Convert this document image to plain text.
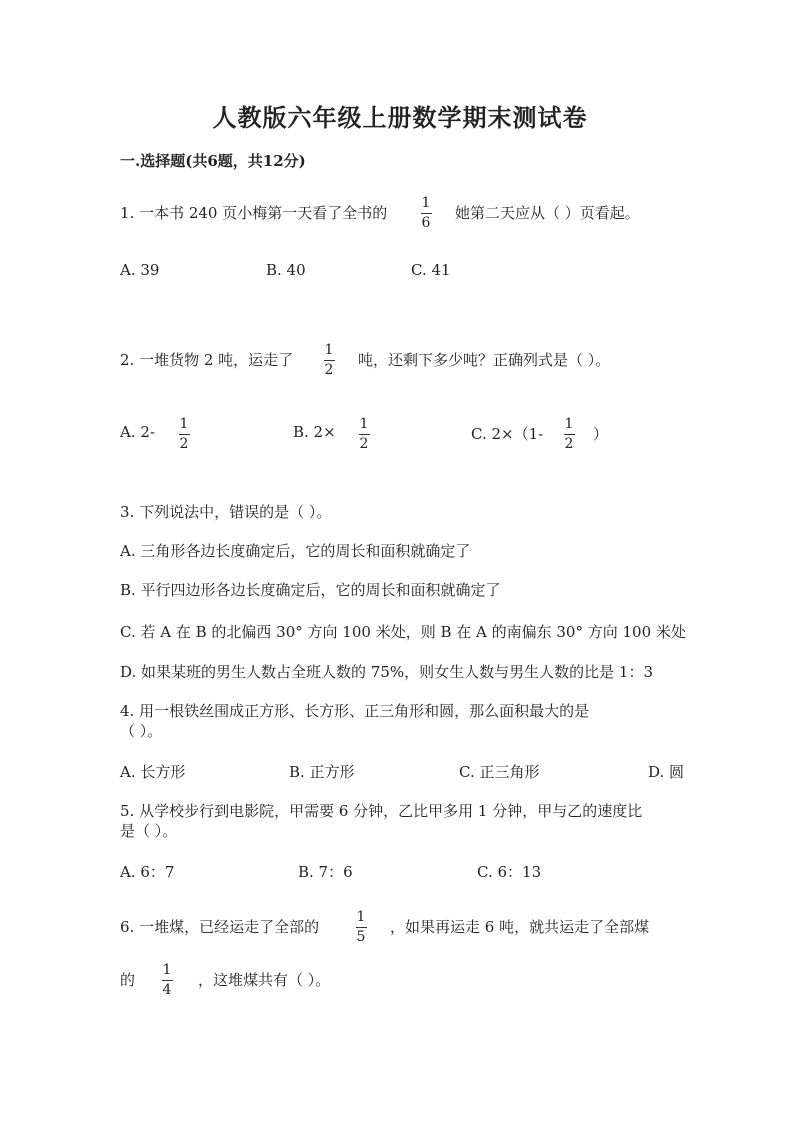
人教版六年级上册数学期末测试卷
一.选择题(共6题，共12分)
1. 一本书 240 页小梅第一天看了全书的
1
6
她第二天应从（ ）页看起。
A. 39	B. 40	C. 41
2. 一堆货物 2 吨，运走了
1
2
吨，还剩下多少吨？正确列式是（ ）。
A. 2- 1
2
B. 2× 1
2
C. 2×（1-
1
2
）
3. 下列说法中，错误的是（ ）。
A. 三角形各边长度确定后，它的周长和面积就确定了
B. 平行四边形各边长度确定后，它的周长和面积就确定了
C. 若 A 在 B 的北偏西 30° 方向 100 米处，则 B 在 A 的南偏东 30° 方向 100 米处
D. 如果某班的男生人数占全班人数的 75%，则女生人数与男生人数的比是 1：3
4. 用一根铁丝围成正方形、长方形、正三角形和圆，那么面积最大的是
（ ）。
A. 长方形	B. 正方形	C. 正三角形	D. 圆
5. 从学校步行到电影院，甲需要 6 分钟，乙比甲多用 1 分钟，甲与乙的速度比
是（ ）。
A. 6：7	B. 7：6	C. 6：13
6. 一堆煤，已经运走了全部的
1
5
，如果再运走 6 吨，就共运走了全部煤
的
1
4
，这堆煤共有（ ）。
